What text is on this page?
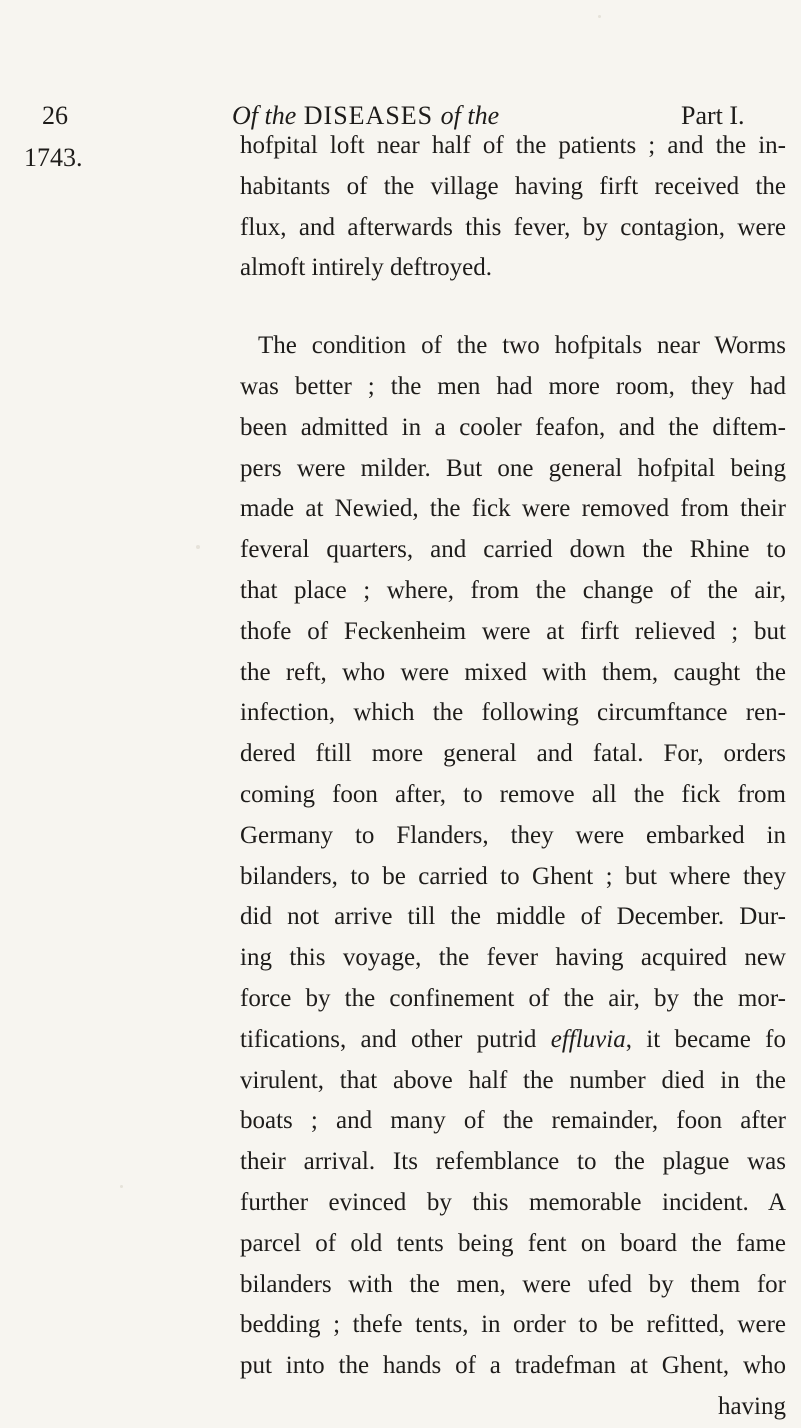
26	Of the DISEASES of the	Part I.
1743.	hofpital loft near half of the patients ; and the in-
habitants of the village having firft received the
flux, and afterwards this fever, by contagion, were
almoft intirely deftroyed.
The condition of the two hofpitals near Worms
was better ; the men had more room, they had
been admitted in a cooler feafon, and the diftem-
pers were milder. But one general hofpital being
made at Newied, the fick were removed from their
feveral quarters, and carried down the Rhine to
that place ; where, from the change of the air,
thofe of Feckenheim were at firft relieved ; but
the reft, who were mixed with them, caught the
infection, which the following circumftance ren-
dered ftill more general and fatal. For, orders
coming foon after, to remove all the fick from
Germany to Flanders, they were embarked in
bilanders, to be carried to Ghent ; but where they
did not arrive till the middle of December. Dur-
ing this voyage, the fever having acquired new
force by the confinement of the air, by the mor-
tifications, and other putrid effluvia, it became fo
virulent, that above half the number died in the
boats ; and many of the remainder, foon after
their arrival. Its refemblance to the plague was
further evinced by this memorable incident. A
parcel of old tents being fent on board the fame
bilanders with the men, were ufed by them for
bedding ; thefe tents, in order to be refitted, were
put into the hands of a tradefman at Ghent, who
having
